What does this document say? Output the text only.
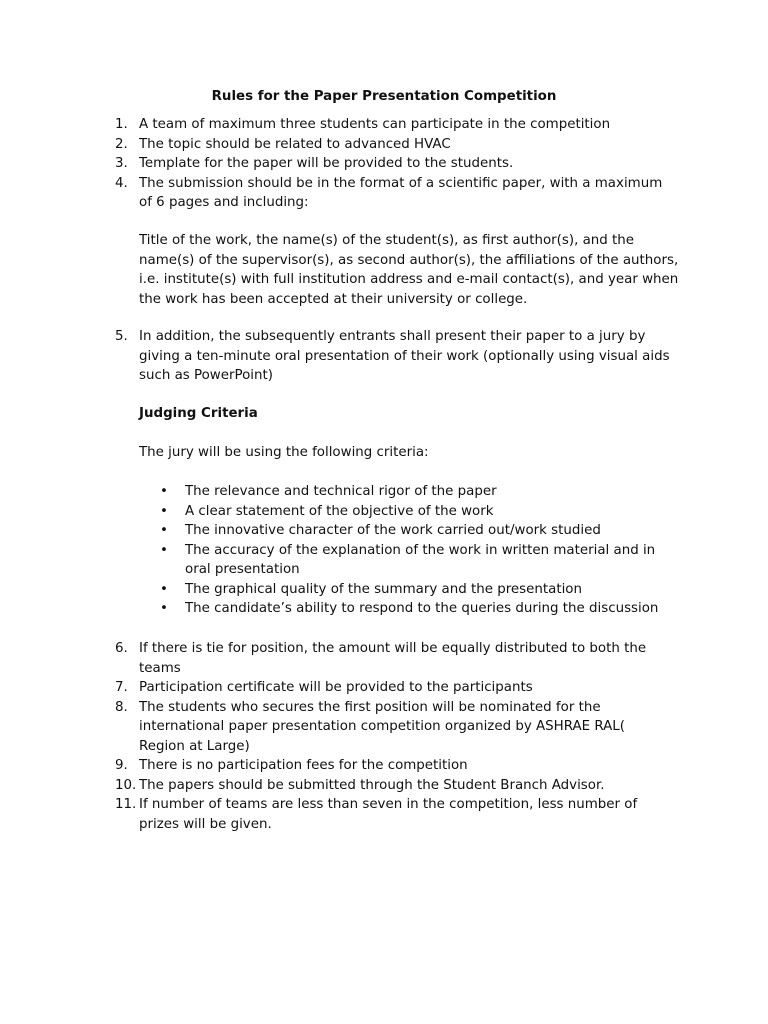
Rules for the Paper Presentation Competition
1. A team of maximum three students can participate in the competition
2. The topic should be related to advanced HVAC
3. Template for the paper will be provided to the students.
4. The submission should be in the format of a scientific paper, with a maximum of 6 pages and including:
Title of the work, the name(s) of the student(s), as first author(s), and the name(s) of the supervisor(s), as second author(s), the affiliations of the authors, i.e. institute(s) with full institution address and e-mail contact(s), and year when the work has been accepted at their university or college.
5. In addition, the subsequently entrants shall present their paper to a jury by giving a ten-minute oral presentation of their work (optionally using visual aids such as PowerPoint)
Judging Criteria
The jury will be using the following criteria:
• The relevance and technical rigor of the paper
• A clear statement of the objective of the work
• The innovative character of the work carried out/work studied
• The accuracy of the explanation of the work in written material and in oral presentation
• The graphical quality of the summary and the presentation
• The candidate’s ability to respond to the queries during the discussion
6. If there is tie for position, the amount will be equally distributed to both the teams
7. Participation certificate will be provided to the participants
8. The students who secures the first position will be nominated for the international paper presentation competition organized by ASHRAE RAL( Region at Large)
9. There is no participation fees for the competition
10. The papers should be submitted through the Student Branch Advisor.
11. If number of teams are less than seven in the competition, less number of prizes will be given.
